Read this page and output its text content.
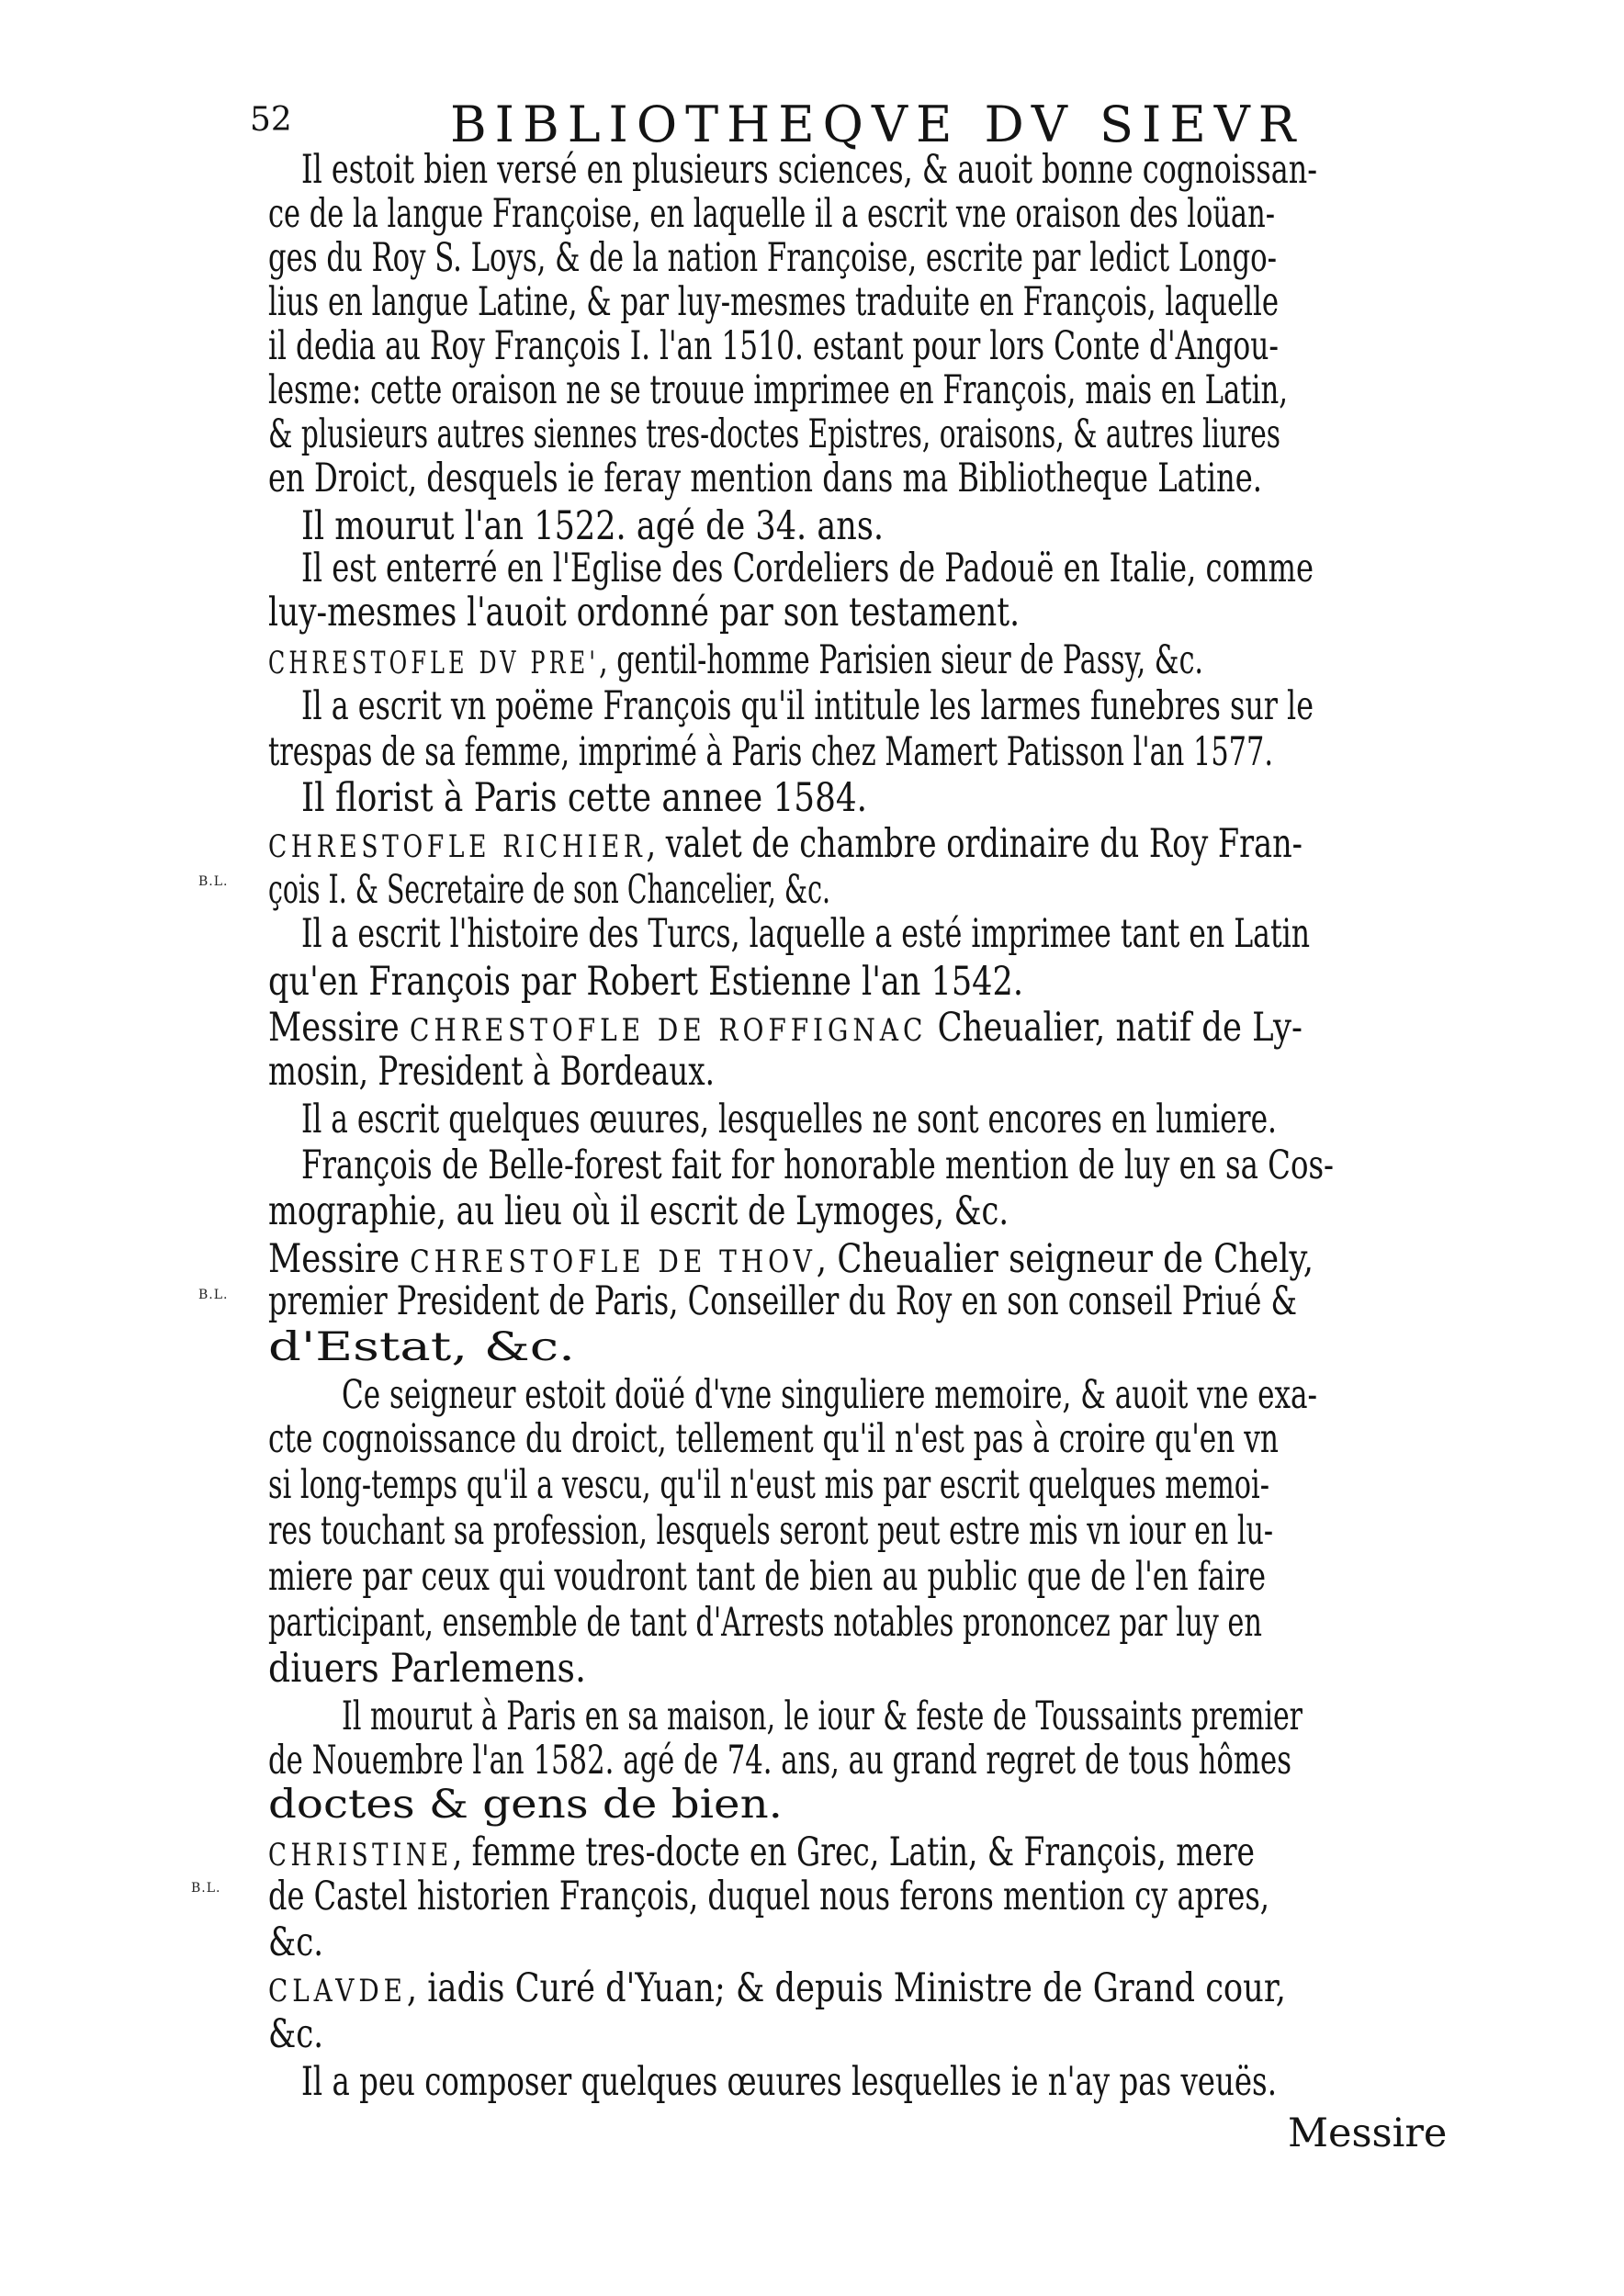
52	BIBLIOTHEQVE DV SIEVR
Il estoit bien versé en plusieurs sciences, & auoit bonne cognoissan-
ce de la langue Françoise, en laquelle il a escrit vne oraison des loüan-
ges du Roy S. Loys, & de la nation Françoise, escrite par ledict Longo-
lius en langue Latine, & par luy-mesmes traduite en François, laquelle
il dedia au Roy François I. l'an 1510. estant pour lors Conte d'Angou-
lesme: cette oraison ne se trouue imprimee en François, mais en Latin,
& plusieurs autres siennes tres-doctes Epistres, oraisons, & autres liures
en Droict, desquels ie feray mention dans ma Bibliotheque Latine.
Il mourut l'an 1522. agé de 34. ans.
Il est enterré en l'Eglise des Cordeliers de Padouë en Italie, comme
luy-mesmes l'auoit ordonné par son testament.
CHRESTOFLE DV PRE', gentil-homme Parisien sieur de Passy, &c.
Il a escrit vn poëme François qu'il intitule les larmes funebres sur le
trespas de sa femme, imprimé à Paris chez Mamert Patisson l'an 1577.
Il florist à Paris cette annee 1584.
CHRESTOFLE RICHIER, valet de chambre ordinaire du Roy Fran-
B.L. çois I. & Secretaire de son Chancelier, &c.
Il a escrit l'histoire des Turcs, laquelle a esté imprimee tant en Latin
qu'en François par Robert Estienne l'an 1542.
Messire CHRESTOFLE DE ROFFIGNAC Cheualier, natif de Ly-
mosin, President à Bordeaux.
Il a escrit quelques œuures, lesquelles ne sont encores en lumiere.
François de Belle-forest fait for honorable mention de luy en sa Cos-
mographie, au lieu où il escrit de Lymoges, &c.
Messire CHRESTOFLE DE THOV, Cheualier seigneur de Chely,
B.L. premier President de Paris, Conseiller du Roy en son conseil Priué &
d'Estat, &c.
Ce seigneur estoit doüé d'vne singuliere memoire, & auoit vne exa-
cte cognoissance du droict, tellement qu'il n'est pas à croire qu'en vn
si long-temps qu'il a vescu, qu'il n'eust mis par escrit quelques memoi-
res touchant sa profession, lesquels seront peut estre mis vn iour en lu-
miere par ceux qui voudront tant de bien au public que de l'en faire
participant, ensemble de tant d'Arrests notables prononcez par luy en
diuers Parlemens.
Il mourut à Paris en sa maison, le iour & feste de Toussaints premier
de Nouembre l'an 1582. agé de 74. ans, au grand regret de tous hômes
doctes & gens de bien.
CHRISTINE, femme tres-docte en Grec, Latin, & François, mere
B.L. de Castel historien François, duquel nous ferons mention cy apres,
&c.
CLAVDE, iadis Curé d'Yuan; & depuis Ministre de Grand cour,
&c.
Il a peu composer quelques œuures lesquelles ie n'ay pas veuës.
Messire
